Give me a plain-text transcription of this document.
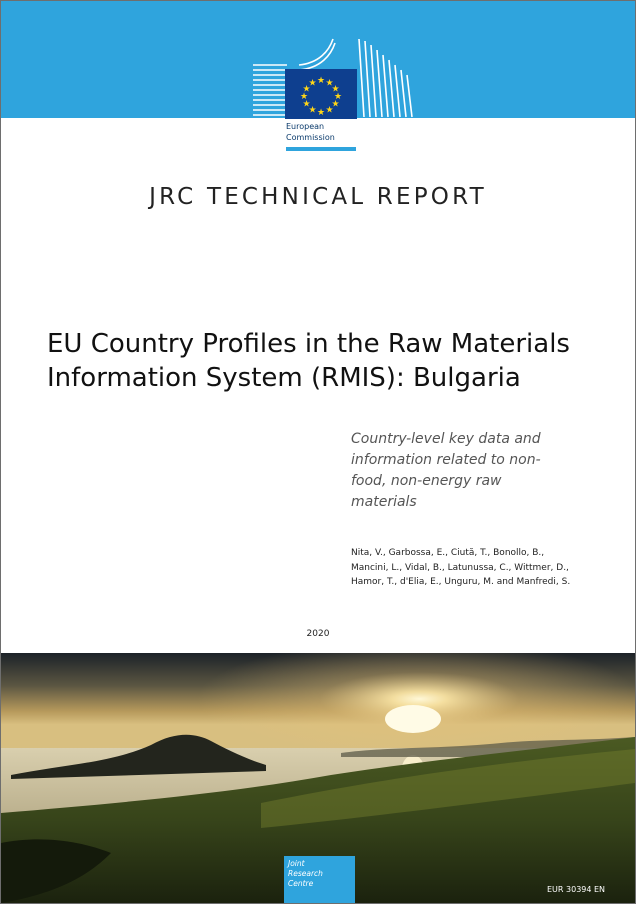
★ ★
★
★
★
★
★
★
★
★
★
★
European
Commission
JRC TECHNICAL REPORT
EU Country Profiles in the Raw Materials
Information System (RMIS): Bulgaria
Country-level key data and
information related to non-
food, non-energy raw
materials
Nita, V., Garbossa, E., Ciută, T., Bonollo, B.,
Mancini, L., Vidal, B., Latunussa, C., Wittmer, D.,
Hamor, T., d'Elia, E., Unguru, M. and Manfredi, S.
2020
Joint
Research
Centre
EUR 30394 EN
